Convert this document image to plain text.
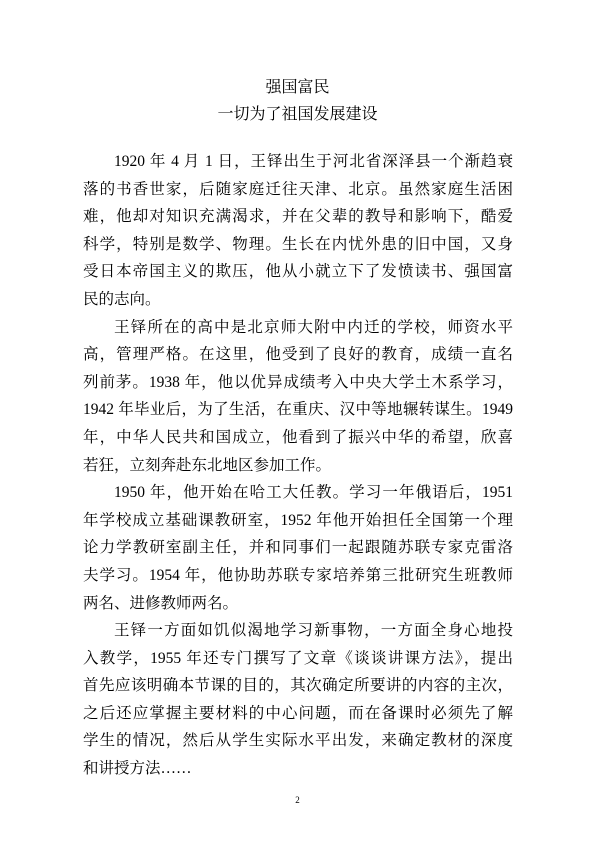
强国富民
一切为了祖国发展建设
1920 年 4 月 1 日，王铎出生于河北省深泽县一个渐趋衰
落的书香世家，后随家庭迁往天津、北京。虽然家庭生活困
难，他却对知识充满渴求，并在父辈的教导和影响下，酷爱
科学，特别是数学、物理。生长在内忧外患的旧中国，又身
受日本帝国主义的欺压，他从小就立下了发愤读书、强国富
民的志向。
王铎所在的高中是北京师大附中内迁的学校，师资水平
高，管理严格。在这里，他受到了良好的教育，成绩一直名
列前茅。1938 年，他以优异成绩考入中央大学土木系学习，
1942 年毕业后，为了生活，在重庆、汉中等地辗转谋生。1949
年，中华人民共和国成立，他看到了振兴中华的希望，欣喜
若狂，立刻奔赴东北地区参加工作。
1950 年，他开始在哈工大任教。学习一年俄语后，1951
年学校成立基础课教研室，1952 年他开始担任全国第一个理
论力学教研室副主任，并和同事们一起跟随苏联专家克雷洛
夫学习。1954 年，他协助苏联专家培养第三批研究生班教师
两名、进修教师两名。
王铎一方面如饥似渴地学习新事物，一方面全身心地投
入教学，1955 年还专门撰写了文章《谈谈讲课方法》，提出
首先应该明确本节课的目的，其次确定所要讲的内容的主次，
之后还应掌握主要材料的中心问题，而在备课时必须先了解
学生的情况，然后从学生实际水平出发，来确定教材的深度
和讲授方法……
2
